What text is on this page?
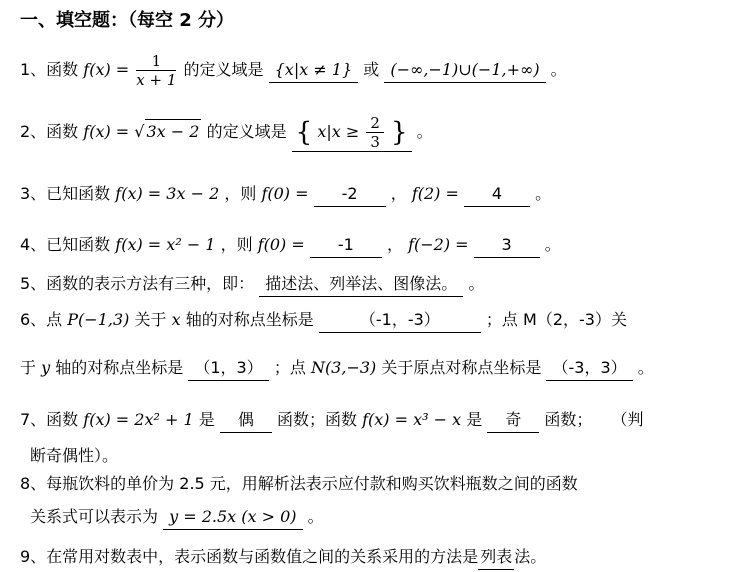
一、填空题：（每空 2 分）
1、函数 $f(x) = \frac{1}{x + 1}$ 的定义域是 {x|x ≠ 1} 或 (−∞,−1)∪(−1,+∞) 。
2、函数 f(x) = √ 3x − 2 的定义域是 { $x|x \ge \frac{2}{3}$ } 。
3、已知函数 f(x) = 3x − 2 ，则 f(0) = -2 ， f(2) = 4 。
4、已知函数 f(x) = x² − 1 ，则 f(0) = -1 ， f(−2) = 3 。
5、函数的表示方法有三种，即： 描述法、列举法、图像法。 。
6、点 P(−1,3) 关于 x 轴的对称点坐标是	（-1，-3）	；点 M（2，-3）关
于 y 轴的对称点坐标是 （1，3） ；点 N(3,−3) 关于原点对称点坐标是 （-3，3） 。
7、函数 f(x) = 2x² + 1 是 偶 函数；函数 f(x) = x³ − x 是 奇 函数； （判
断奇偶性）。
8、每瓶饮料的单价为 2.5 元，用解析法表示应付款和购买饮料瓶数之间的函数
关系式可以表示为 y = 2.5x (x > 0) 。
9、在常用对数表中，表示函数与函数值之间的关系采用的方法是 列表 法。
